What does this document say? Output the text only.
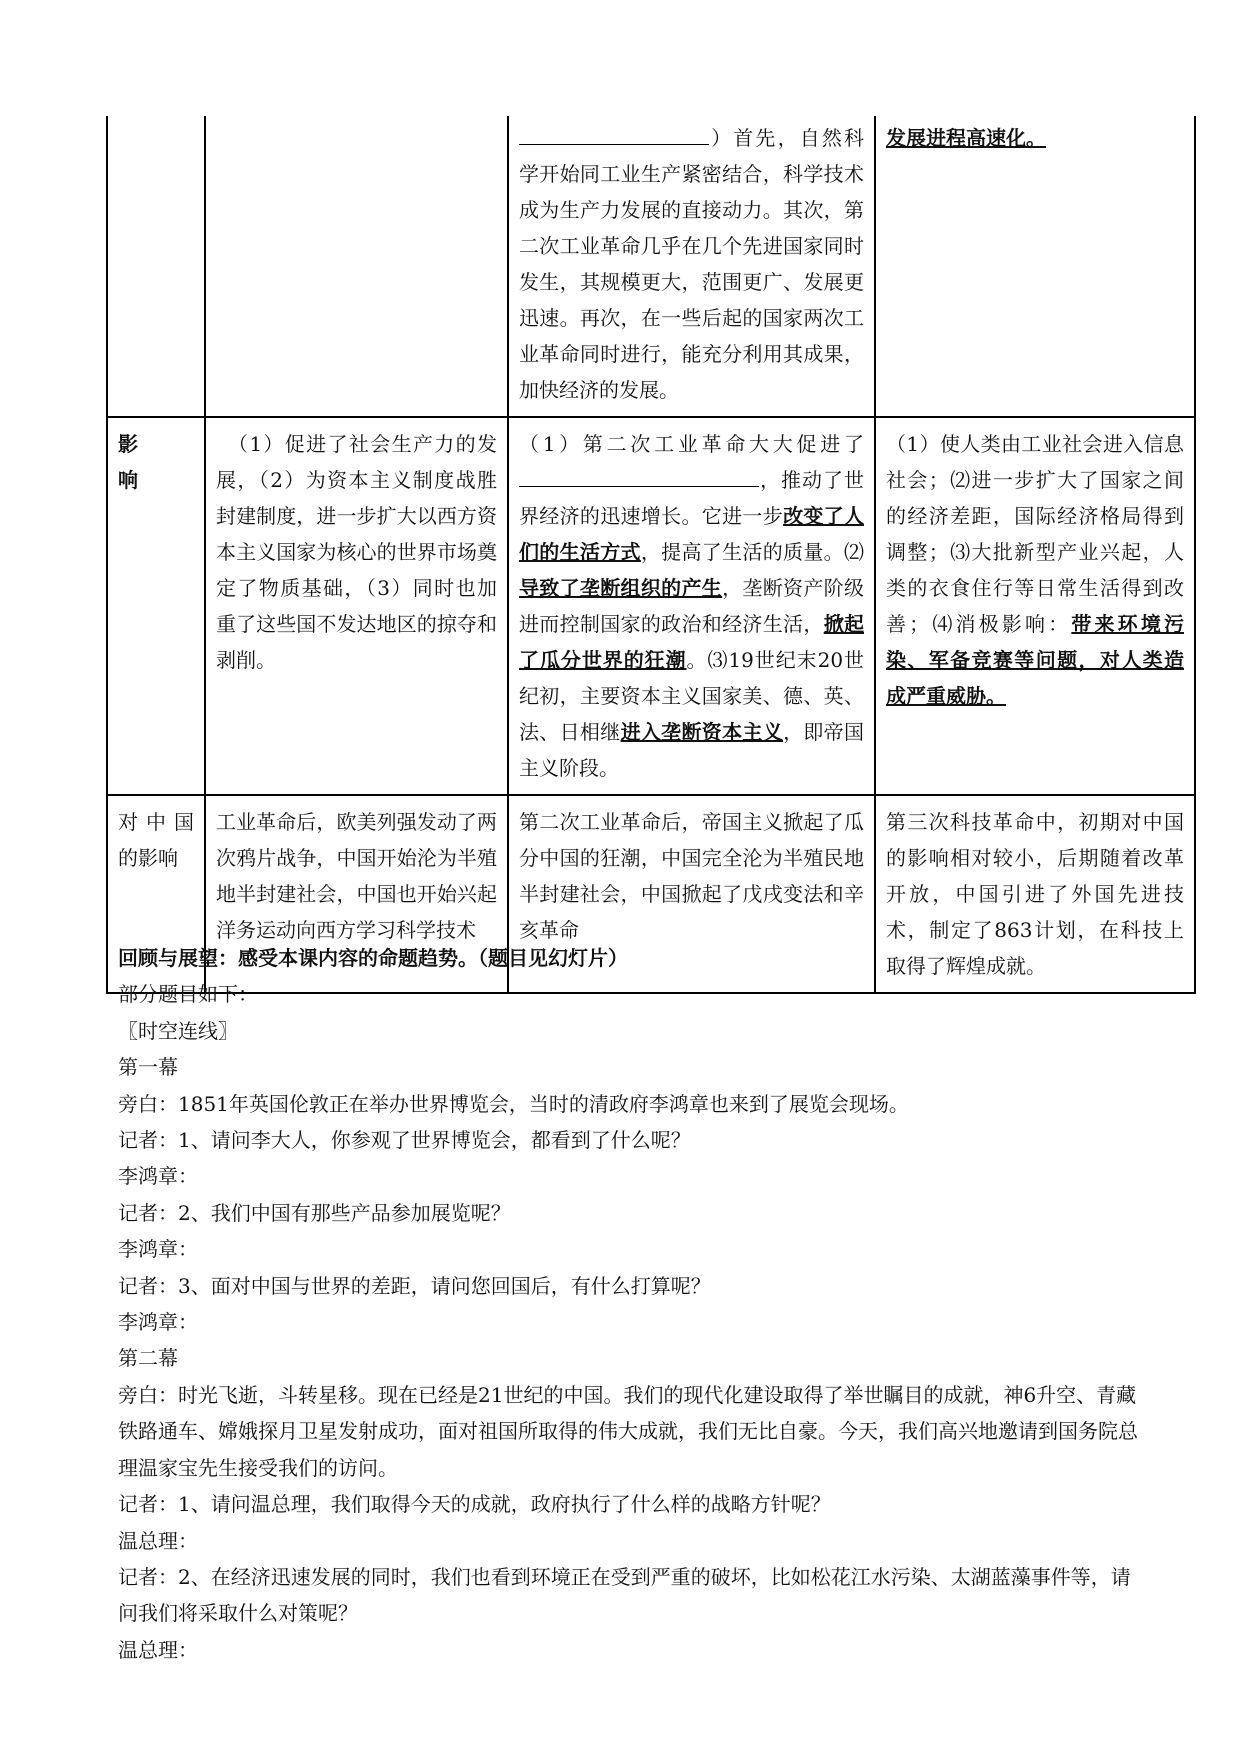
		）首先，自然科学开始同工业生产紧密结合，科学技术成为生产力发展的直接动力。其次，第二次工业革命几乎在几个先进国家同时发生，其规模更大，范围更广、发展更迅速。再次，在一些后起的国家两次工业革命同时进行，能充分利用其成果，加快经济的发展。	发展进程高速化。
影响	（1）促进了社会生产力的发展，（2）为资本主义制度战胜封建制度，进一步扩大以西方资本主义国家为核心的世界市场奠定了物质基础，（3）同时也加重了这些国不发达地区的掠夺和剥削。	（1）第二次工业革命大大促进了，推动了世界经济的迅速增长。它进一步改变了人们的生活方式，提高了生活的质量。⑵导致了垄断组织的产生，垄断资产阶级进而控制国家的政治和经济生活，掀起了瓜分世界的狂潮。⑶19世纪末20世纪初，主要资本主义国家美、德、英、法、日相继进入垄断资本主义，即帝国主义阶段。	（1）使人类由工业社会进入信息社会；⑵进一步扩大了国家之间的经济差距，国际经济格局得到调整；⑶大批新型产业兴起，人类的衣食住行等日常生活得到改善；⑷消极影响：带来环境污染、军备竞赛等问题，对人类造成严重威胁。
对中国的影响	工业革命后，欧美列强发动了两次鸦片战争，中国开始沦为半殖地半封建社会，中国也开始兴起洋务运动向西方学习科学技术	第二次工业革命后，帝国主义掀起了瓜分中国的狂潮，中国完全沦为半殖民地半封建社会，中国掀起了戊戌变法和辛亥革命	第三次科技革命中，初期对中国的影响相对较小，后期随着改革开放，中国引进了外国先进技术，制定了863计划，在科技上取得了辉煌成就。

回顾与展望：感受本课内容的命题趋势。（题目见幻灯片）

部分题目如下：

〖时空连线〗

第一幕

旁白：1851年英国伦敦正在举办世界博览会，当时的清政府李鸿章也来到了展览会现场。

记者：1、请问李大人，你参观了世界博览会，都看到了什么呢？

李鸿章：

记者：2、我们中国有那些产品参加展览呢？

李鸿章：

记者：3、面对中国与世界的差距，请问您回国后，有什么打算呢？

李鸿章：

第二幕

旁白：时光飞逝，斗转星移。现在已经是21世纪的中国。我们的现代化建设取得了举世瞩目的成就，神6升空、青藏铁路通车、嫦娥探月卫星发射成功，面对祖国所取得的伟大成就，我们无比自豪。今天，我们高兴地邀请到国务院总理温家宝先生接受我们的访问。

记者：1、请问温总理，我们取得今天的成就，政府执行了什么样的战略方针呢？

温总理：

记者：2、在经济迅速发展的同时，我们也看到环境正在受到严重的破坏，比如松花江水污染、太湖蓝藻事件等，请问我们将采取什么对策呢？

温总理：
